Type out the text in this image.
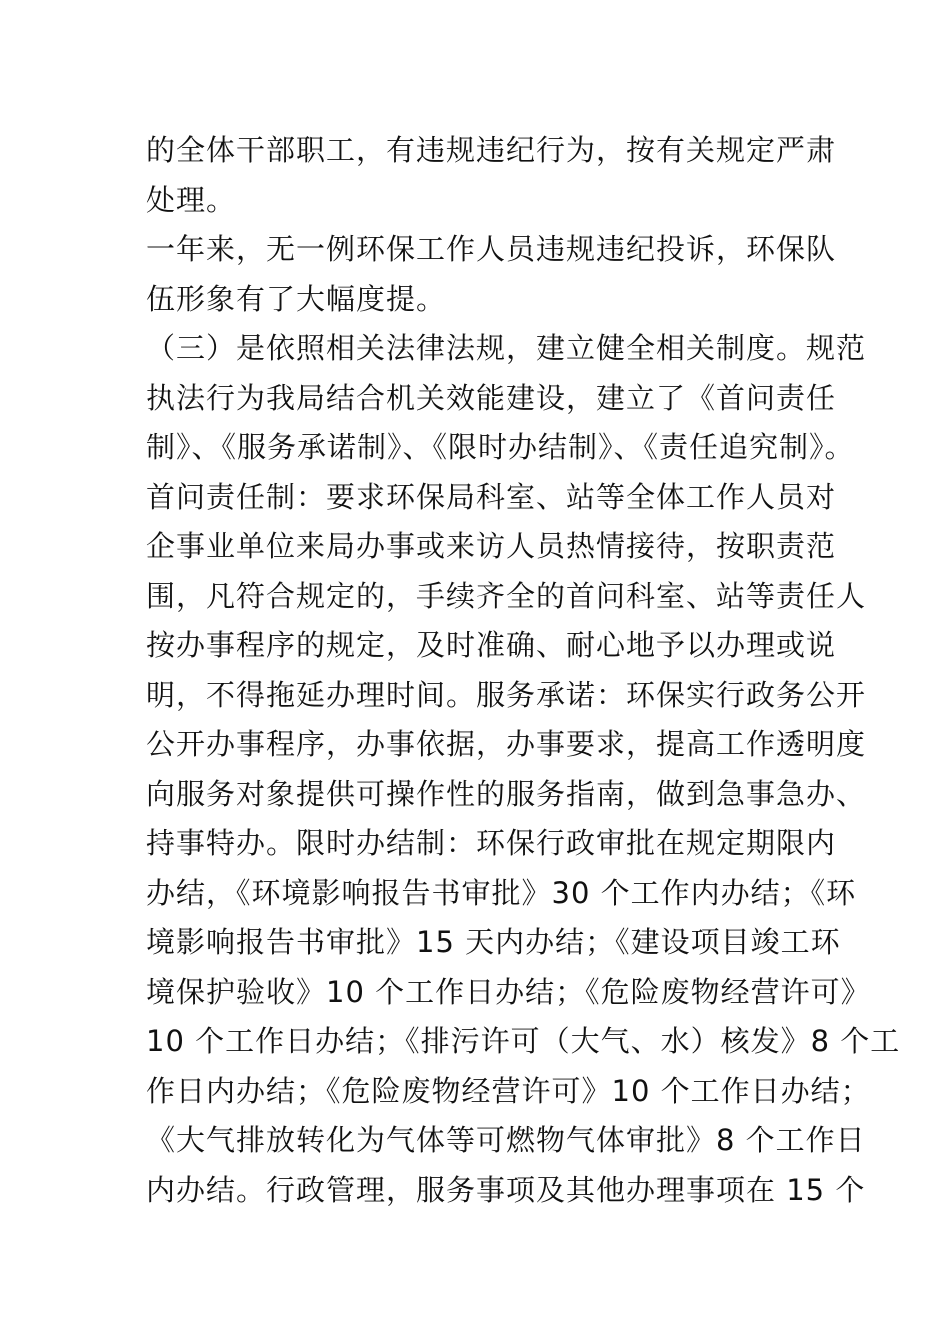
的全体干部职工，有违规违纪行为，按有关规定严肃
处理。
一年来，无一例环保工作人员违规违纪投诉，环保队
伍形象有了大幅度提。
（三）是依照相关法律法规，建立健全相关制度。规范
执法行为我局结合机关效能建设，建立了《首问责任
制》、《服务承诺制》、《限时办结制》、《责任追究制》。
首问责任制：要求环保局科室、站等全体工作人员对
企事业单位来局办事或来访人员热情接待，按职责范
围，凡符合规定的，手续齐全的首问科室、站等责任人
按办事程序的规定，及时准确、耐心地予以办理或说
明，不得拖延办理时间。服务承诺：环保实行政务公开
公开办事程序，办事依据，办事要求，提高工作透明度
向服务对象提供可操作性的服务指南，做到急事急办、
持事特办。限时办结制：环保行政审批在规定期限内
办结，《环境影响报告书审批》30 个工作内办结；《环
境影响报告书审批》15 天内办结；《建设项目竣工环
境保护验收》10 个工作日办结；《危险废物经营许可》
10 个工作日办结；《排污许可（大气、水）核发》8 个工
作日内办结；《危险废物经营许可》10 个工作日办结；
《大气排放转化为气体等可燃物气体审批》8 个工作日
内办结。行政管理，服务事项及其他办理事项在 15 个
